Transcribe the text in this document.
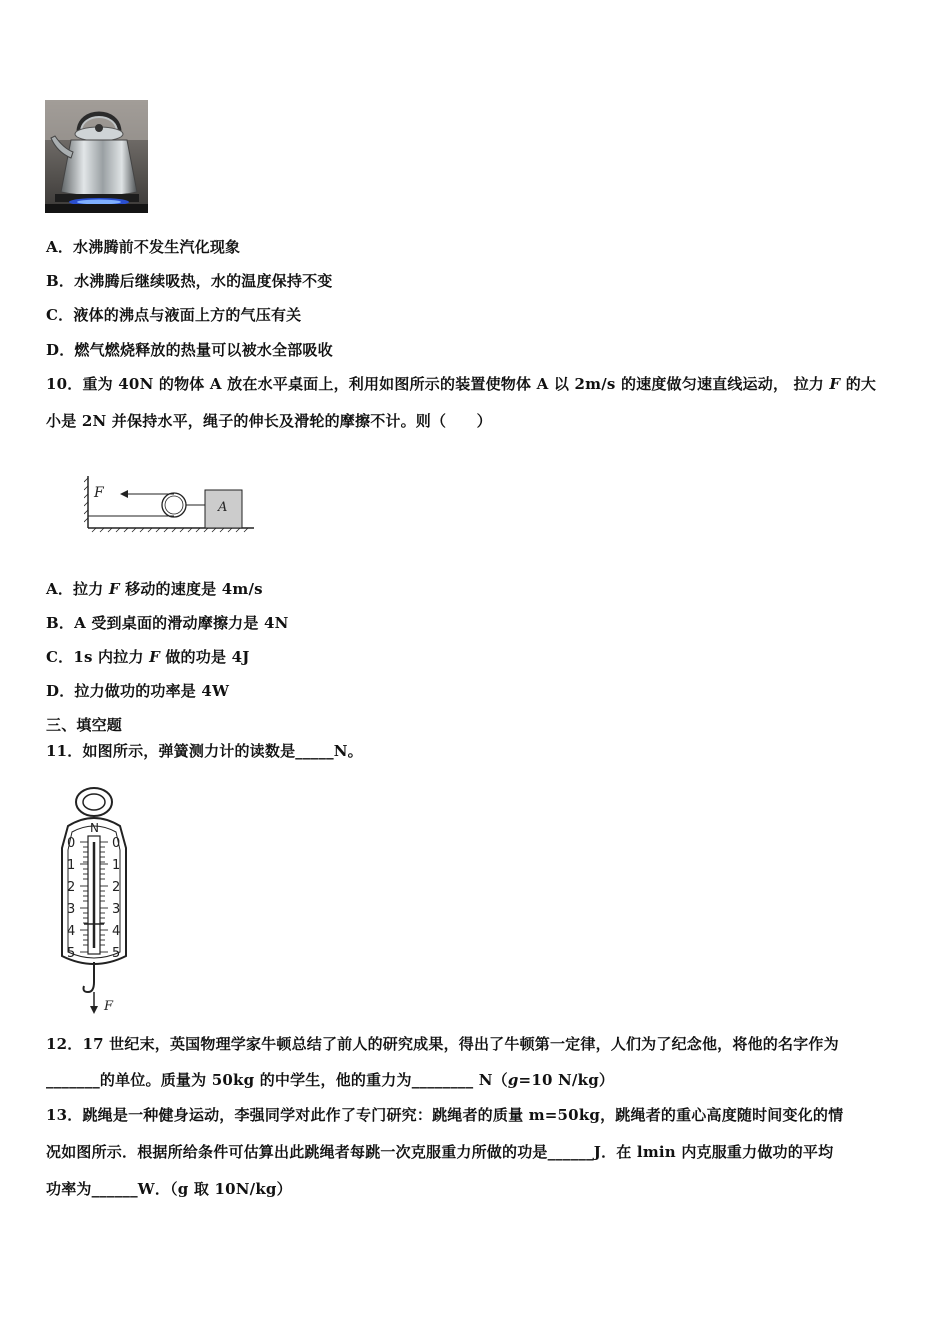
A．水沸腾前不发生汽化现象
B．水沸腾后继续吸热，水的温度保持不变
C．液体的沸点与液面上方的气压有关
D．燃气燃烧释放的热量可以被水全部吸收
10．重为 40N 的物体 A 放在水平桌面上，利用如图所示的装置使物体 A 以 2m/s 的速度做匀速直线运动， 拉力 F 的大
小是 2N 并保持水平，绳子的伸长及滑轮的摩擦不计。则（　　）
F
A
A．拉力 F 移动的速度是 4m/s
B．A 受到桌面的滑动摩擦力是 4N
C．1s 内拉力 F 做的功是 4J
D．拉力做功的功率是 4W
三、填空题
11．如图所示，弹簧测力计的读数是_____N。
N
0	0
1	1
2	2
3	3
4	4
5	5
F
12．17 世纪末，英国物理学家牛顿总结了前人的研究成果，得出了牛顿第一定律，人们为了纪念他，将他的名字作为
_______的单位。质量为 50kg 的中学生，他的重力为________ N（g=10 N/kg）
13．跳绳是一种健身运动，李强同学对此作了专门研究：跳绳者的质量 m=50kg，跳绳者的重心高度随时间变化的情
况如图所示．根据所给条件可估算出此跳绳者每跳一次克服重力所做的功是______J．在 lmin 内克服重力做功的平均
功率为______W．（g 取 10N/kg）
